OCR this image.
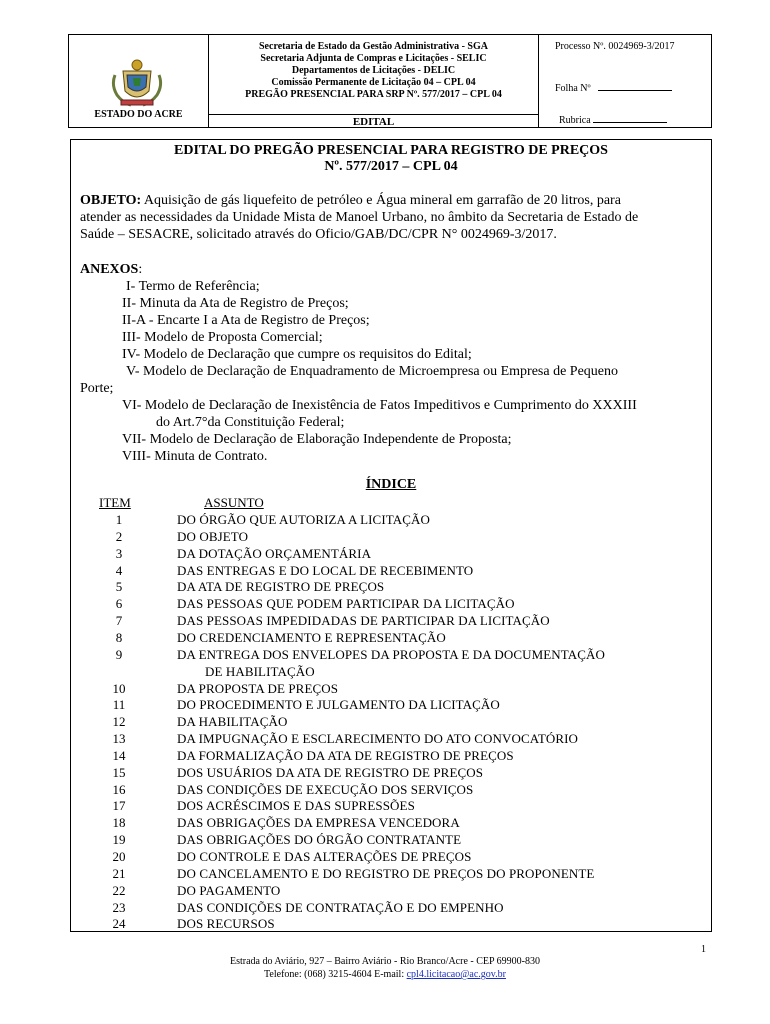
ESTADO DO ACRE
Secretaria de Estado da Gestão Administrativa - SGA
Secretaria Adjunta de Compras e Licitações - SELIC
Departamentos de Licitações - DELIC
Comissão Permanente de Licitação 04 – CPL 04
PREGÃO PRESENCIAL PARA SRP Nº. 577/2017 – CPL 04
EDITAL
Processo Nº. 0024969-3/2017
Folha Nº
Rubrica
EDITAL DO PREGÃO PRESENCIAL PARA REGISTRO DE PREÇOS
Nº. 577/2017 – CPL 04
OBJETO: Aquisição de gás liquefeito de petróleo e Água mineral em garrafão de 20 litros, para
atender as necessidades da Unidade Mista de Manoel Urbano, no âmbito da Secretaria de Estado de
Saúde – SESACRE, solicitado através do Oficio/GAB/DC/CPR N° 0024969-3/2017.
ANEXOS:
I- Termo de Referência;
II- Minuta da Ata de Registro de Preços;
II-A - Encarte I a Ata de Registro de Preços;
III- Modelo de Proposta Comercial;
IV- Modelo de Declaração que cumpre os requisitos do Edital;
V- Modelo de Declaração de Enquadramento de Microempresa ou Empresa de Pequeno
Porte;
VI- Modelo de Declaração de Inexistência de Fatos Impeditivos e Cumprimento do XXXIII
do Art.7°da Constituição Federal;
VII- Modelo de Declaração de Elaboração Independente de Proposta;
VIII- Minuta de Contrato.
ÍNDICE
ITEM	ASSUNTO
1	DO ÓRGÃO QUE AUTORIZA A LICITAÇÃO
2	DO OBJETO
3	DA DOTAÇÃO ORÇAMENTÁRIA
4	DAS ENTREGAS E DO LOCAL DE RECEBIMENTO
5	DA ATA DE REGISTRO DE PREÇOS
6	DAS PESSOAS QUE PODEM PARTICIPAR DA LICITAÇÃO
7	DAS PESSOAS IMPEDIDADAS DE PARTICIPAR DA LICITAÇÃO
8	DO CREDENCIAMENTO E REPRESENTAÇÃO
9	DA ENTREGA DOS ENVELOPES DA PROPOSTA E DA DOCUMENTAÇÃO
DE HABILITAÇÃO
10	DA PROPOSTA DE PREÇOS
11	DO PROCEDIMENTO E JULGAMENTO DA LICITAÇÃO
12	DA HABILITAÇÃO
13	DA IMPUGNAÇÃO E ESCLARECIMENTO DO ATO CONVOCATÓRIO
14	DA FORMALIZAÇÃO DA ATA DE REGISTRO DE PREÇOS
15	DOS USUÁRIOS DA ATA DE REGISTRO DE PREÇOS
16	DAS CONDIÇÕES DE EXECUÇÃO DOS SERVIÇOS
17	DOS ACRÉSCIMOS E DAS SUPRESSÕES
18	DAS OBRIGAÇÕES DA EMPRESA VENCEDORA
19	DAS OBRIGAÇÕES DO ÓRGÃO CONTRATANTE
20	DO CONTROLE E DAS ALTERAÇÕES DE PREÇOS
21	DO CANCELAMENTO E DO REGISTRO DE PREÇOS DO PROPONENTE
22	DO PAGAMENTO
23	DAS CONDIÇÕES DE CONTRATAÇÃO E DO EMPENHO
24	DOS RECURSOS
1
Estrada do Aviário, 927 – Bairro Aviário - Rio Branco/Acre - CEP 69900-830
Telefone: (068) 3215-4604 E-mail: cpl4.licitacao@ac.gov.br
